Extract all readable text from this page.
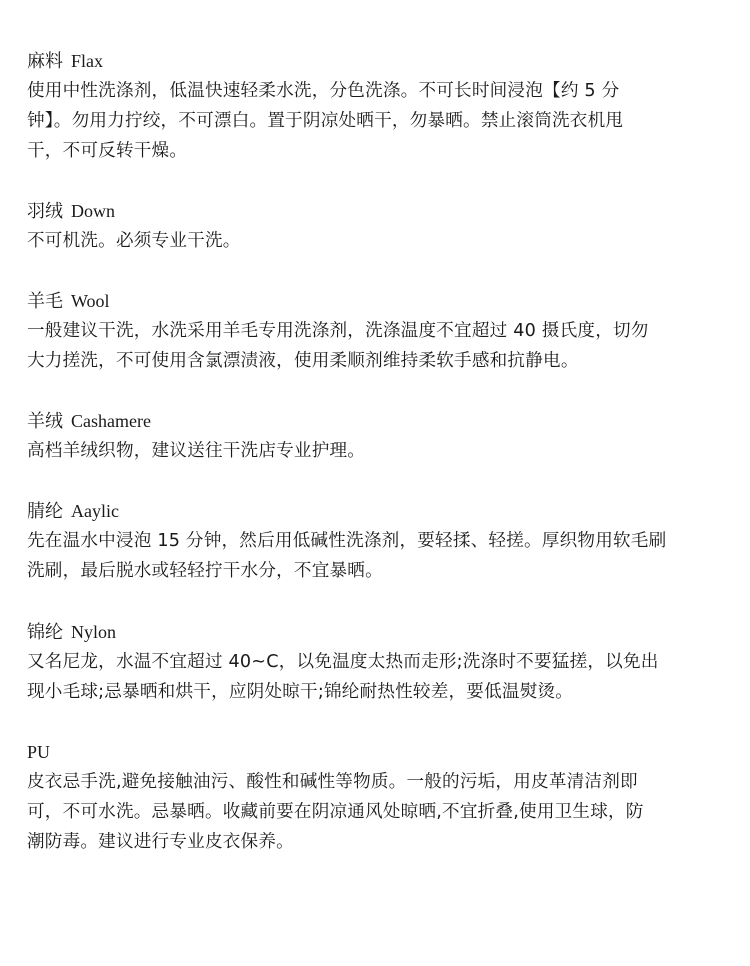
麻料 Flax
使用中性洗涤剂，低温快速轻柔水洗，分色洗涤。不可长时间浸泡【约 5 分
钟】。勿用力拧绞，不可漂白。置于阴凉处晒干，勿暴晒。禁止滚筒洗衣机甩
干，不可反转干燥。
羽绒 Down
不可机洗。必须专业干洗。
羊毛 Wool
一般建议干洗，水洗采用羊毛专用洗涤剂，洗涤温度不宜超过 40 摄氏度，切勿
大力搓洗，不可使用含氯漂渍液，使用柔顺剂维持柔软手感和抗静电。
羊绒 Cashamere
高档羊绒织物，建议送往干洗店专业护理。
腈纶 Aaylic
先在温水中浸泡 15 分钟，然后用低碱性洗涤剂，要轻揉、轻搓。厚织物用软毛刷
洗刷，最后脱水或轻轻拧干水分，不宜暴晒。
锦纶 Nylon
又名尼龙，水温不宜超过 40~C，以免温度太热而走形;洗涤时不要猛搓，以免出
现小毛球;忌暴晒和烘干，应阴处晾干;锦纶耐热性较差，要低温熨烫。
PU
皮衣忌手洗,避免接触油污、酸性和碱性等物质。一般的污垢，用皮革清洁剂即
可，不可水洗。忌暴晒。收藏前要在阴凉通风处晾晒,不宜折叠,使用卫生球，防
潮防毒。建议进行专业皮衣保养。
